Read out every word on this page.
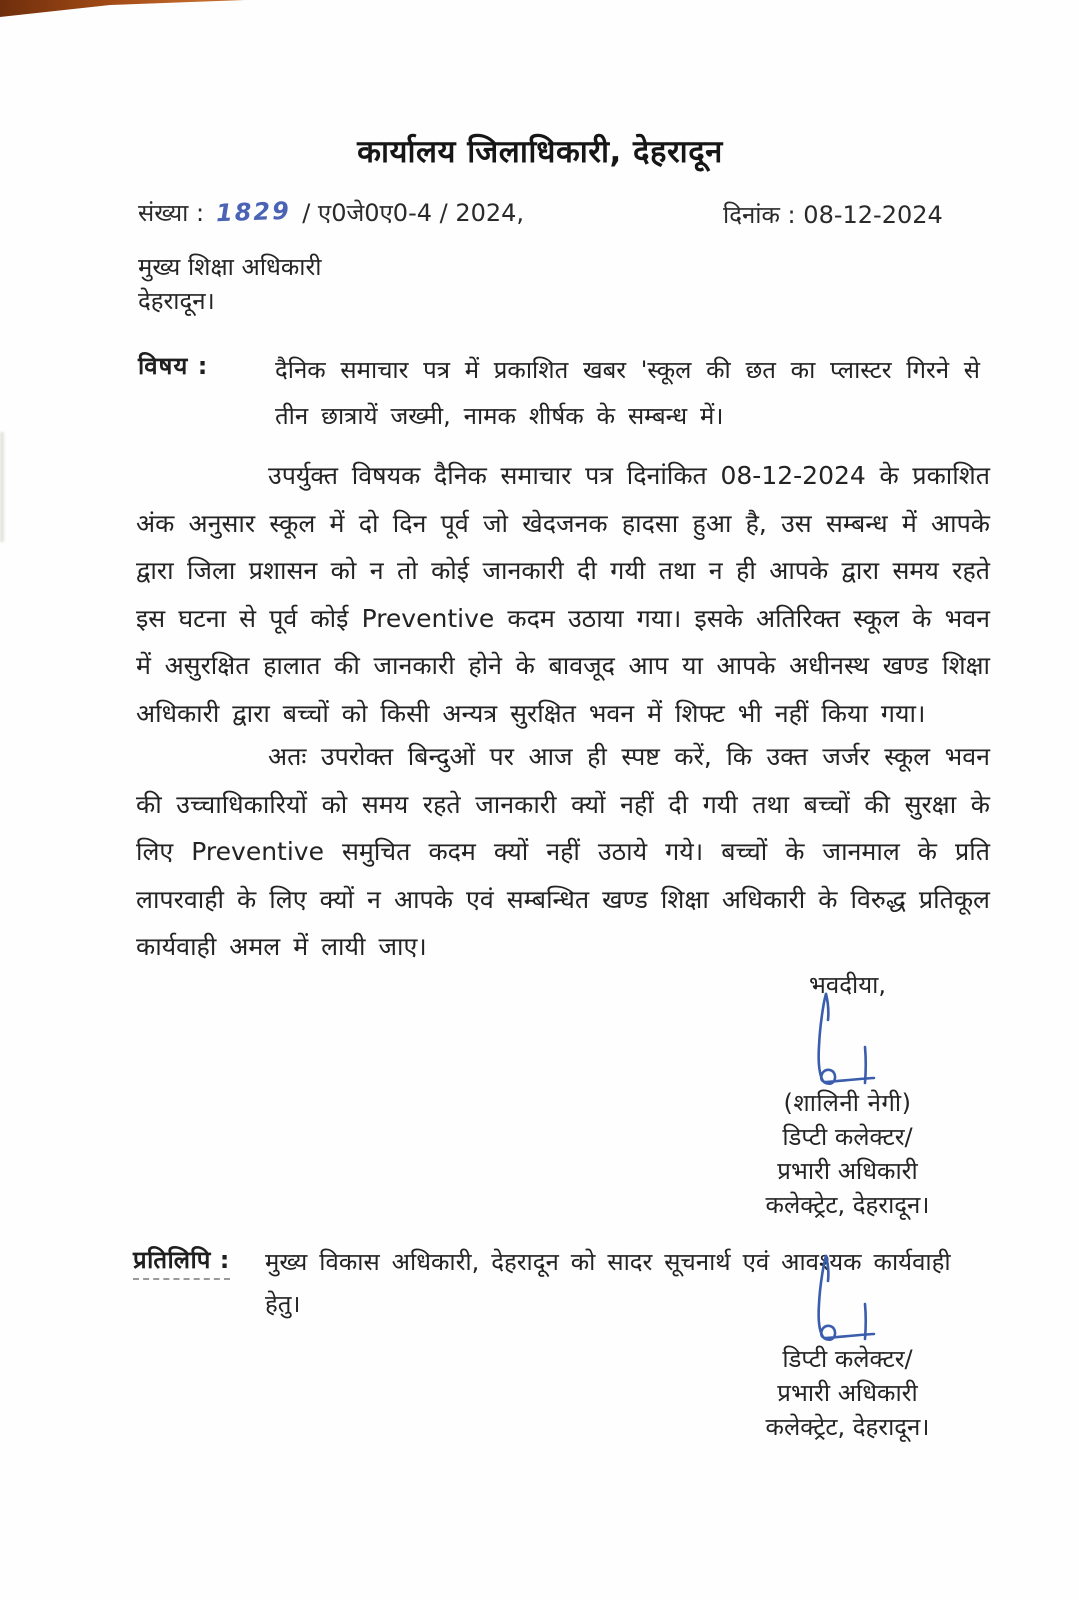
कार्यालय जिलाधिकारी, देहरादून
संख्या : 1829 / ए0जे0ए0-4 / 2024,	दिनांक : 08-12-2024
मुख्य शिक्षा अधिकारी
देहरादून।
विषय :	दैनिक समाचार पत्र में प्रकाशित खबर 'स्कूल की छत का प्लास्टर गिरने से तीन छात्रायें जख्मी, नामक शीर्षक के सम्बन्ध में।
उपर्युक्त विषयक दैनिक समाचार पत्र दिनांकित 08-12-2024 के प्रकाशित अंक अनुसार स्कूल में दो दिन पूर्व जो खेदजनक हादसा हुआ है, उस सम्बन्ध में आपके द्वारा जिला प्रशासन को न तो कोई जानकारी दी गयी तथा न ही आपके द्वारा समय रहते इस घटना से पूर्व कोई Preventive कदम उठाया गया। इसके अतिरिक्त स्कूल के भवन में असुरक्षित हालात की जानकारी होने के बावजूद आप या आपके अधीनस्थ खण्ड शिक्षा अधिकारी द्वारा बच्चों को किसी अन्यत्र सुरक्षित भवन में शिफ्ट भी नहीं किया गया।
अतः उपरोक्त बिन्दुओं पर आज ही स्पष्ट करें, कि उक्त जर्जर स्कूल भवन की उच्चाधिकारियों को समय रहते जानकारी क्यों नहीं दी गयी तथा बच्चों की सुरक्षा के लिए Preventive समुचित कदम क्यों नहीं उठाये गये। बच्चों के जानमाल के प्रति लापरवाही के लिए क्यों न आपके एवं सम्बन्धित खण्ड शिक्षा अधिकारी के विरुद्ध प्रतिकूल कार्यवाही अमल में लायी जाए।
भवदीया,
(शालिनी नेगी)
डिप्टी कलेक्टर/
प्रभारी अधिकारी
कलेक्ट्रेट, देहरादून।
प्रतिलिपि : मुख्य विकास अधिकारी, देहरादून को सादर सूचनार्थ एवं आवश्यक कार्यवाही हेतु।
डिप्टी कलेक्टर/
प्रभारी अधिकारी
कलेक्ट्रेट, देहरादून।
